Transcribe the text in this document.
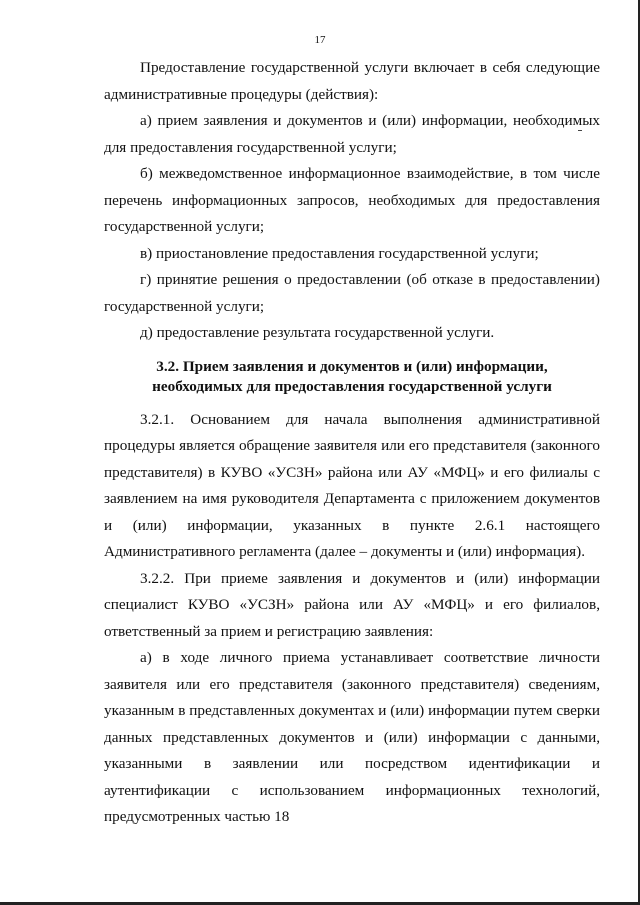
17

Предоставление государственной услуги включает в себя следующие административные процедуры (действия):

а) прием заявления и документов и (или) информации, необходимых для предоставления государственной услуги;

б) межведомственное информационное взаимодействие, в том числе перечень информационных запросов, необходимых для предоставления государственной услуги;

в) приостановление предоставления государственной услуги;

г) принятие решения о предоставлении (об отказе в предоставлении) государственной услуги;

д) предоставление результата государственной услуги.

3.2. Прием заявления и документов и (или) информации,
необходимых для предоставления государственной услуги

3.2.1. Основанием для начала выполнения административной процедуры является обращение заявителя или его представителя (законного представителя) в КУВО «УСЗН» района или АУ «МФЦ» и его филиалы с заявлением на имя руководителя Департамента с приложением документов и (или) информации, указанных в пункте 2.6.1 настоящего Административного регламента (далее – документы и (или) информация).

3.2.2. При приеме заявления и документов и (или) информации специалист КУВО «УСЗН» района или АУ «МФЦ» и его филиалов, ответственный за прием и регистрацию заявления:

а) в ходе личного приема устанавливает соответствие личности заявителя или его представителя (законного представителя) сведениям, указанным в представленных документах и (или) информации путем сверки данных представленных документов и (или) информации с данными, указанными в заявлении или посредством идентификации и аутентификации с использованием информационных технологий, предусмотренных частью 18
